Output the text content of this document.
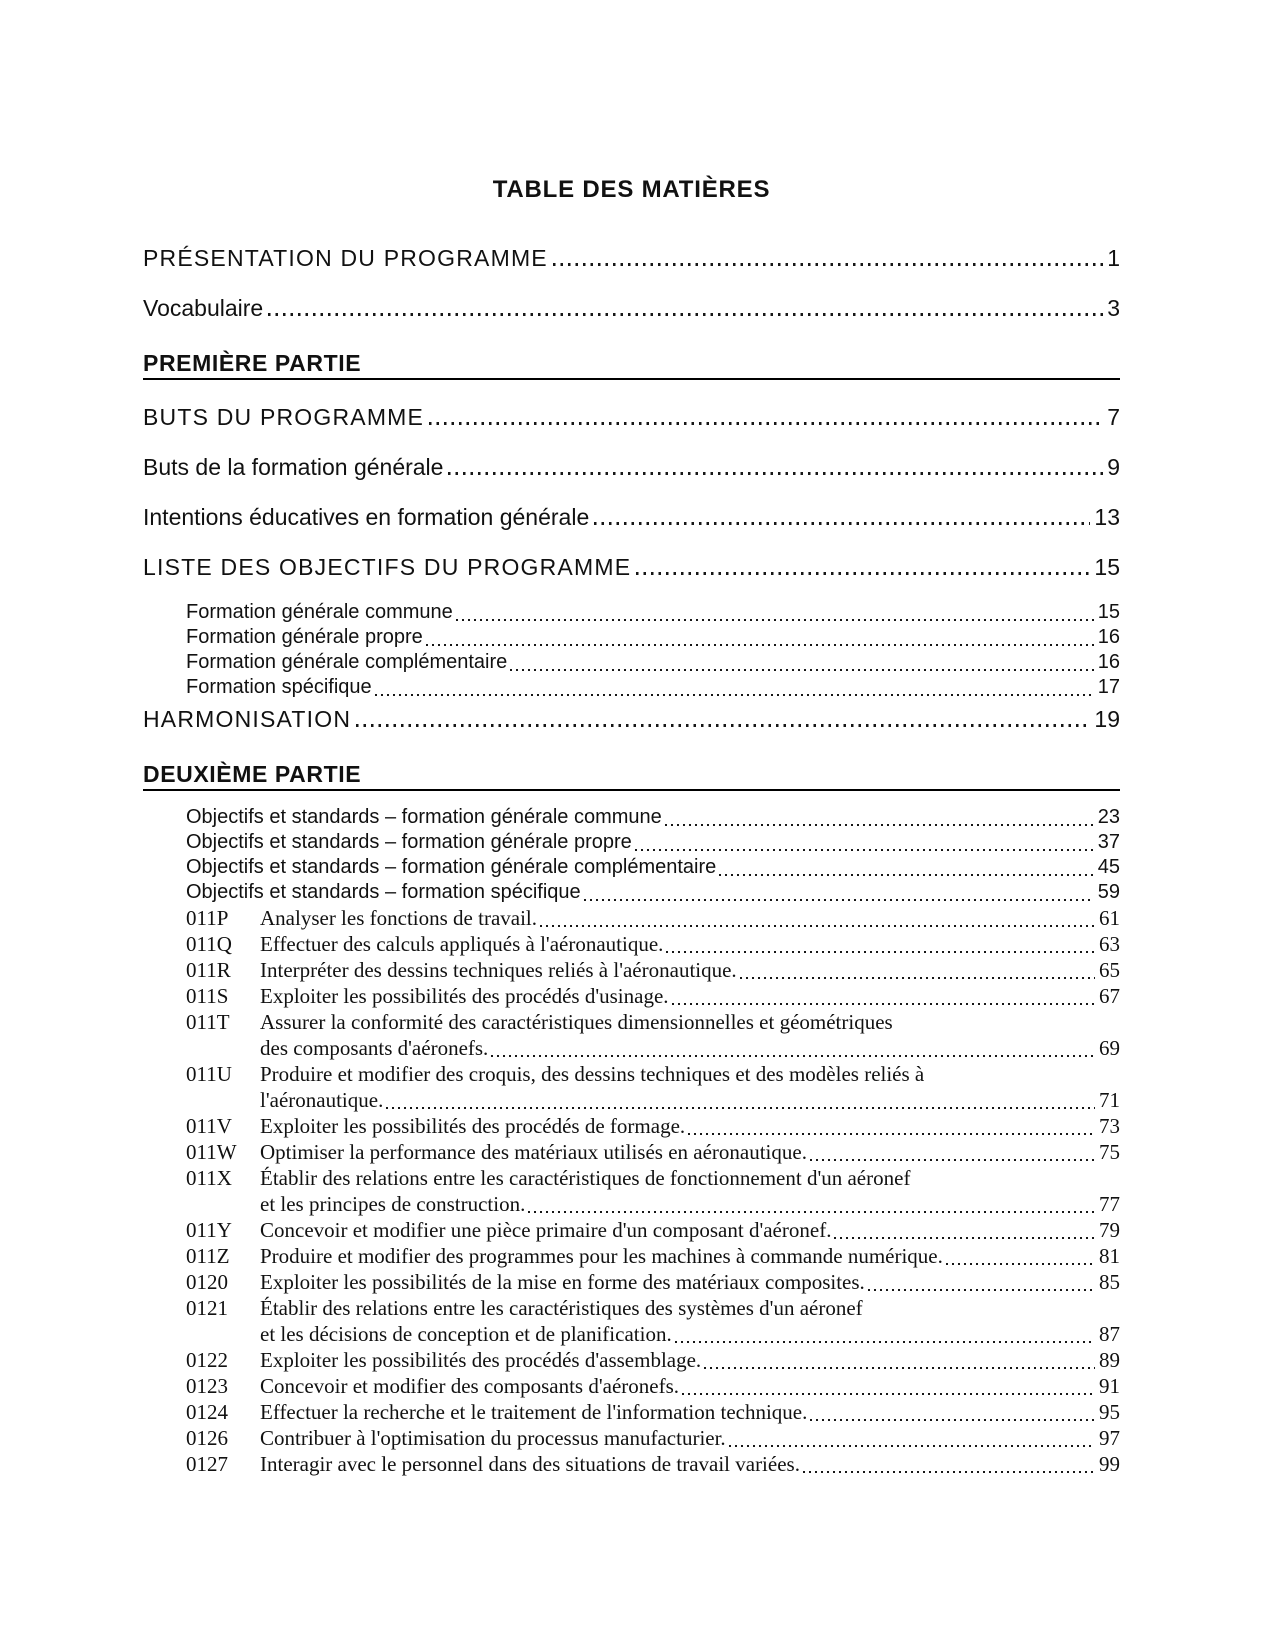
TABLE DES MATIÈRES
PRÉSENTATION DU PROGRAMME	1
Vocabulaire	3
PREMIÈRE PARTIE
BUTS DU PROGRAMME	7
Buts de la formation générale	9
Intentions éducatives en formation générale	13
LISTE DES OBJECTIFS DU PROGRAMME	15
Formation générale commune	15
Formation générale propre	16
Formation générale complémentaire	16
Formation spécifique	17
HARMONISATION	19
DEUXIÈME PARTIE
Objectifs et standards – formation générale commune	23
Objectifs et standards – formation générale propre	37
Objectifs et standards – formation générale complémentaire	45
Objectifs et standards – formation spécifique	59
011P	Analyser les fonctions de travail.	61
011Q	Effectuer des calculs appliqués à l'aéronautique.	63
011R	Interpréter des dessins techniques reliés à l'aéronautique.	65
011S	Exploiter les possibilités des procédés d'usinage.	67
011T	Assurer la conformité des caractéristiques dimensionnelles et géométriques
des composants d'aéronefs.	69
011U	Produire et modifier des croquis, des dessins techniques et des modèles reliés à
l'aéronautique.	71
011V	Exploiter les possibilités des procédés de formage.	73
011W	Optimiser la performance des matériaux utilisés en aéronautique.	75
011X	Établir des relations entre les caractéristiques de fonctionnement d'un aéronef
et les principes de construction.	77
011Y	Concevoir et modifier une pièce primaire d'un composant d'aéronef.	79
011Z	Produire et modifier des programmes pour les machines à commande numérique.	81
0120	Exploiter les possibilités de la mise en forme des matériaux composites.	85
0121	Établir des relations entre les caractéristiques des systèmes d'un aéronef
et les décisions de conception et de planification.	87
0122	Exploiter les possibilités des procédés d'assemblage.	89
0123	Concevoir et modifier des composants d'aéronefs.	91
0124	Effectuer la recherche et le traitement de l'information technique.	95
0126	Contribuer à l'optimisation du processus manufacturier.	97
0127	Interagir avec le personnel dans des situations de travail variées.	99
